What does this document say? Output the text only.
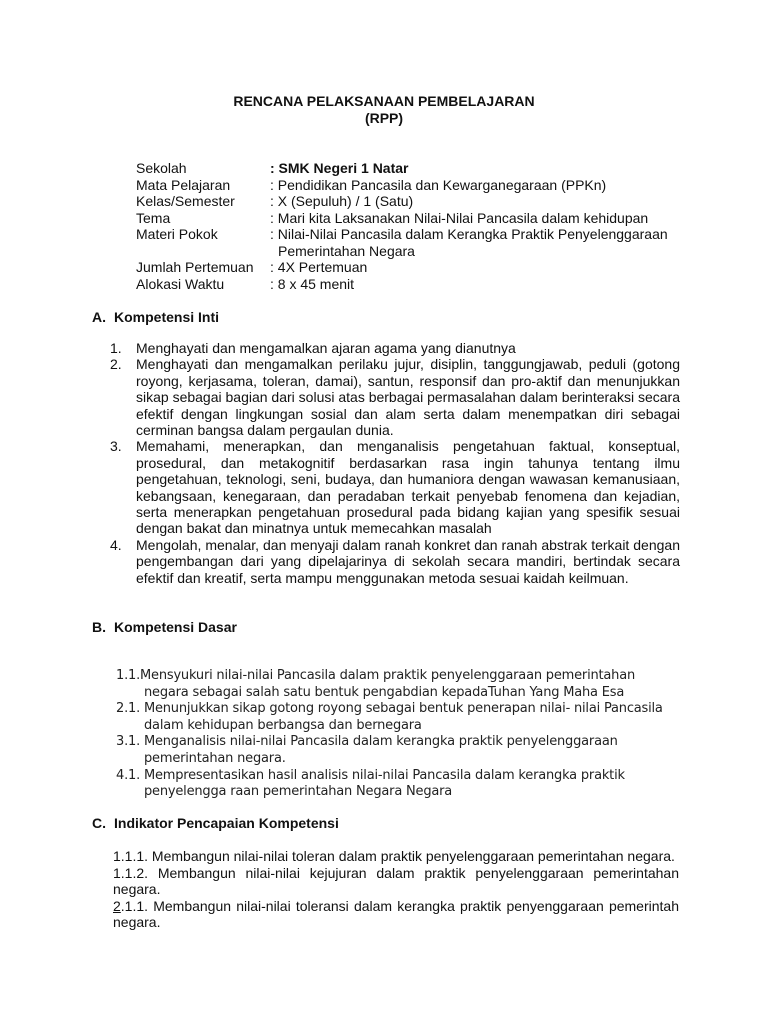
RENCANA PELAKSANAAN PEMBELAJARAN
(RPP)
Sekolah	: SMK Negeri 1 Natar
Mata Pelajaran	: Pendidikan Pancasila dan Kewarganegaraan (PPKn)
Kelas/Semester	: X (Sepuluh) / 1 (Satu)
Tema	: Mari kita Laksanakan Nilai-Nilai Pancasila dalam kehidupan
Materi Pokok	: Nilai-Nilai Pancasila dalam Kerangka Praktik Penyelenggaraan
Pemerintahan Negara
Jumlah Pertemuan	: 4X Pertemuan
Alokasi Waktu	: 8 x 45 menit
A. Kompetensi Inti
1.	Menghayati dan mengamalkan ajaran agama yang dianutnya
2.	Menghayati dan mengamalkan perilaku jujur, disiplin, tanggungjawab, peduli (gotong royong, kerjasama, toleran, damai), santun, responsif dan pro-aktif dan menunjukkan sikap sebagai bagian dari solusi atas berbagai permasalahan dalam berinteraksi secara efektif dengan lingkungan sosial dan alam serta dalam menempatkan diri sebagai cerminan bangsa dalam pergaulan dunia.
3.	Memahami, menerapkan, dan menganalisis pengetahuan faktual, konseptual, prosedural, dan metakognitif berdasarkan rasa ingin tahunya tentang ilmu pengetahuan, teknologi, seni, budaya, dan humaniora dengan wawasan kemanusiaan, kebangsaan, kenegaraan, dan peradaban terkait penyebab fenomena dan kejadian, serta menerapkan pengetahuan prosedural pada bidang kajian yang spesifik sesuai dengan bakat dan minatnya untuk memecahkan masalah
4.	Mengolah, menalar, dan menyaji dalam ranah konkret dan ranah abstrak terkait dengan pengembangan dari yang dipelajarinya di sekolah secara mandiri, bertindak secara efektif dan kreatif, serta mampu menggunakan metoda sesuai kaidah keilmuan.
B. Kompetensi Dasar
1.1.Mensyukuri nilai-nilai Pancasila dalam praktik penyelenggaraan pemerintahan negara sebagai salah satu bentuk pengabdian kepadaTuhan Yang Maha Esa
2.1. Menunjukkan sikap gotong royong sebagai bentuk penerapan nilai- nilai Pancasila dalam kehidupan berbangsa dan bernegara
3.1. Menganalisis nilai-nilai Pancasila dalam kerangka praktik penyelenggaraan pemerintahan negara.
4.1. Mempresentasikan hasil analisis nilai-nilai Pancasila dalam kerangka praktik penyelengga raan pemerintahan Negara Negara
C. Indikator Pencapaian Kompetensi
1.1.1. Membangun nilai-nilai toleran dalam praktik penyelenggaraan pemerintahan negara.
1.1.2. Membangun nilai-nilai kejujuran dalam praktik penyelenggaraan pemerintahan negara.
2.1.1. Membangun nilai-nilai toleransi dalam kerangka praktik penyenggaraan pemerintah negara.
